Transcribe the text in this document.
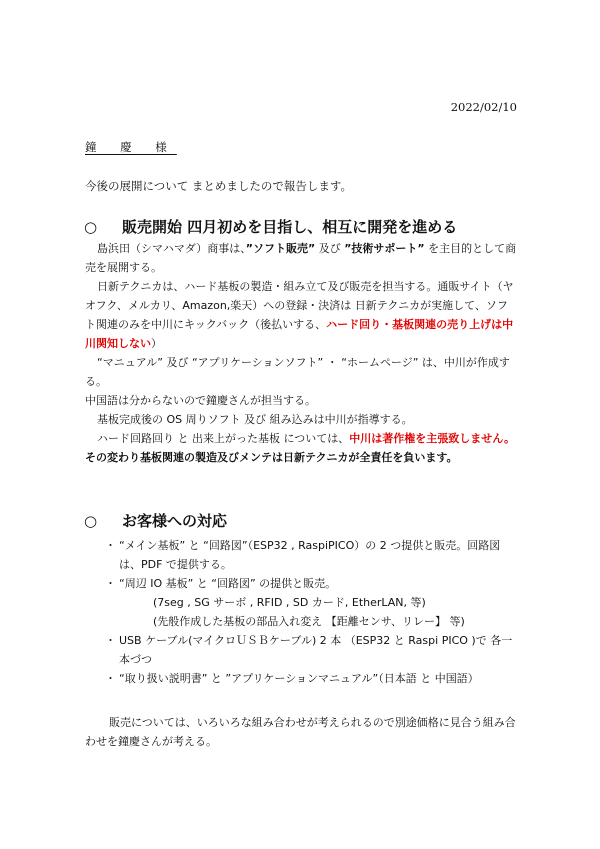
2022/02/10
鐘 慶 様
今後の展開について まとめましたので報告します。
○ 販売開始 四月初めを目指し、相互に開発を進める

島浜田（シマハマダ）商事は、”ソフト販売” 及び ”技術サポート” を主目的として商売を展開する。

日新テクニカは、ハード基板の製造・組み立て及び販売を担当する。通販サイト（ヤオフク、メルカリ、Amazon,楽天）への登録・決済は 日新テクニカが実施して、ソフト関連のみを中川にキックバック（後払いする、ハード回り・基板関連の売り上げは中川関知しない）

“マニュアル” 及び “アプリケーションソフト” ・ “ホームページ” は、中川が作成する。

中国語は分からないので鐘慶さんが担当する。

基板完成後の OS 周りソフト 及び 組み込みは中川が指導する。

ハード回路回り と 出来上がった基板 については、中川は著作権を主張致しません。その変わり基板関連の製造及びメンテは日新テクニカが全責任を負います。

○ お客様への対応
・ “メイン基板” と “回路図”（ESP32 , RaspiPICO）の 2 つ提供と販売。回路図は、PDF で提供する。
・ “周辺 IO 基板” と “回路図” の提供と販売。
(7seg , SG サーボ , RFID , SD カード, EtherLAN, 等)
(先般作成した基板の部品入れ変え 【距離センサ、リレー】 等)
・ USB ケーブル(マイクロＵＳＢケーブル) 2 本 （ESP32 と Raspi PICO )で 各一本づつ
・ “取り扱い説明書” と ”アプリケーションマニュアル”（日本語 と 中国語）
販売については、いろいろな組み合わせが考えられるので別途価格に見合う組み合わせを鐘慶さんが考える。
